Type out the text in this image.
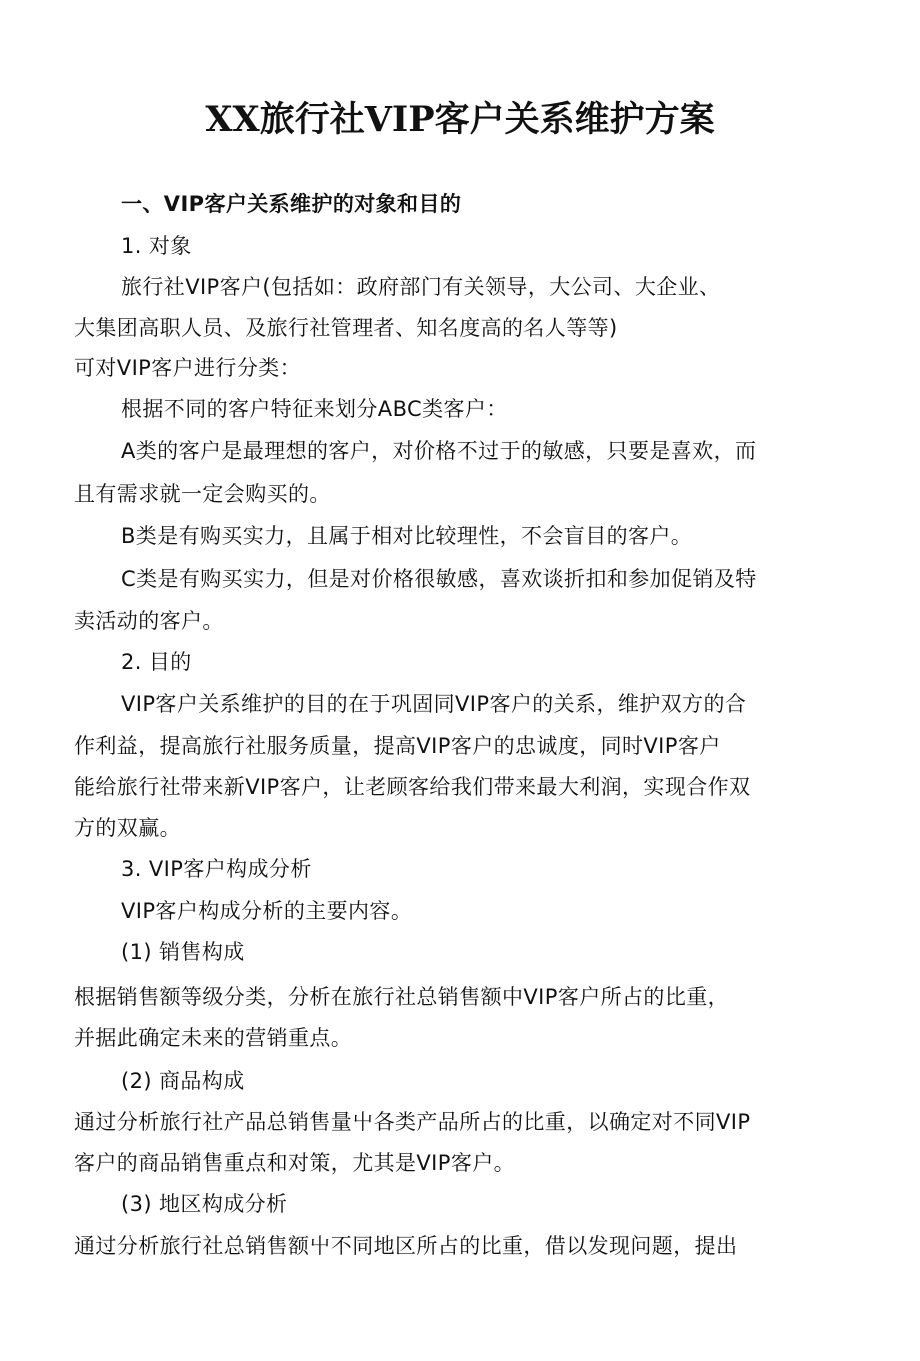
XX旅行社VIP客户关系维护方案
一、VIP客户关系维护的对象和目的
1. 对象
旅行社VIP客户(包括如：政府部门有关领导，大公司、大企业、
大集团高职人员、及旅行社管理者、知名度高的名人等等)
可对VIP客户进行分类：
根据不同的客户特征来划分ABC类客户：
A类的客户是最理想的客户，对价格不过于的敏感，只要是喜欢，而
且有需求就一定会购买的。
B类是有购买实力，且属于相对比较理性，不会盲目的客户。
C类是有购买实力，但是对价格很敏感，喜欢谈折扣和参加促销及特
卖活动的客户。
2. 目的
VIP客户关系维护的目的在于巩固同VIP客户的关系，维护双方的合
作利益，提高旅行社服务质量，提高VIP客户的忠诚度，同时VIP客户
能给旅行社带来新VIP客户，让老顾客给我们带来最大利润，实现合作双
方的双赢。
3. VIP客户构成分析
VIP客户构成分析的主要内容。
(1) 销售构成
根据销售额等级分类，分析在旅行社总销售额中VIP客户所占的比重，
并据此确定未来的营销重点。
(2) 商品构成
通过分析旅行社产品总销售量屮各类产品所占的比重，以确定对不同VIP
客户的商品销售重点和对策，尤其是VIP客户。
(3) 地区构成分析
通过分析旅行社总销售额屮不同地区所占的比重，借以发现问题，提出
